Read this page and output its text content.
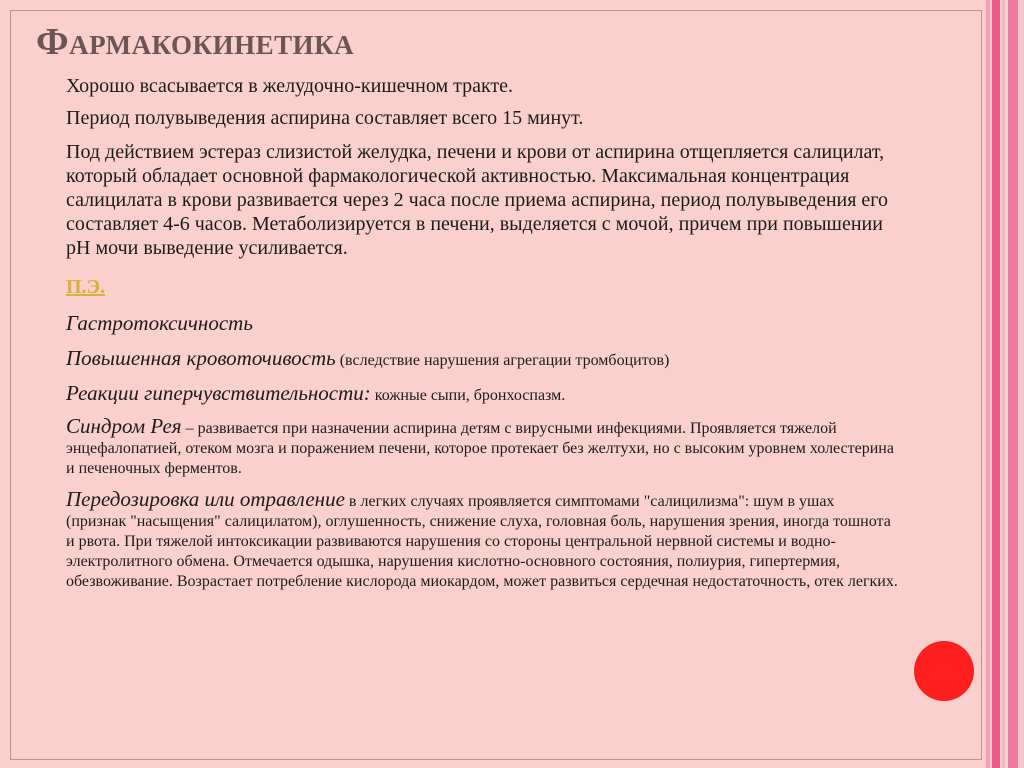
Фармакокинетика
Хорошо всасывается в желудочно-кишечном тракте.
Период полувыведения аспирина составляет всего 15 минут.
Под действием эстераз слизистой желудка, печени и крови от аспирина отщепляется салицилат, который обладает основной фармакологической активностью. Максимальная концентрация салицилата в крови развивается через 2 часа после приема аспирина, период полувыведения его составляет 4-6 часов. Метаболизируется в печени, выделяется с мочой, причем при повышении pH мочи выведение усиливается.
П.Э.
Гастротоксичность
Повышенная кровоточивость (вследствие нарушения агрегации тромбоцитов)
Реакции гиперчувствительности: кожные сыпи, бронхоспазм.
Синдром Рея – развивается при назначении аспирина детям с вирусными инфекциями. Проявляется тяжелой энцефалопатией, отеком мозга и поражением печени, которое протекает без желтухи, но с высоким уровнем холестерина и печеночных ферментов.
Передозировка или отравление в легких случаях проявляется симптомами "салицилизма": шум в ушах (признак "насыщения" салицилатом), оглушенность, снижение слуха, головная боль, нарушения зрения, иногда тошнота и рвота. При тяжелой интоксикации развиваются нарушения со стороны центральной нервной системы и водно-электролитного обмена. Отмечается одышка, нарушения кислотно-основного состояния, полиурия, гипертермия, обезвоживание. Возрастает потребление кислорода миокардом, может развиться сердечная недостаточность, отек легких.
